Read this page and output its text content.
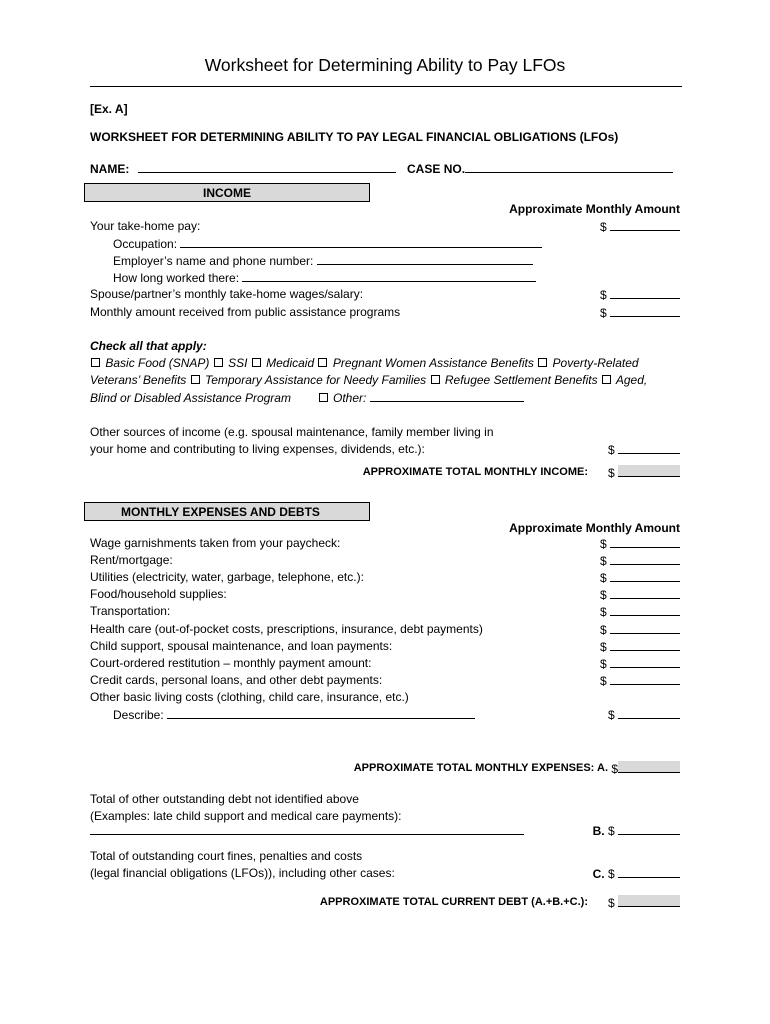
Worksheet for Determining Ability to Pay LFOs
[Ex. A]
WORKSHEET FOR DETERMINING ABILITY TO PAY LEGAL FINANCIAL OBLIGATIONS (LFOs)
NAME:	CASE NO.
INCOME
Approximate Monthly Amount
Your take-home pay:	$
Occupation:
Employer’s name and phone number:
How long worked there:
Spouse/partner’s monthly take-home wages/salary:	$
Monthly amount received from public assistance programs	$
Check all that apply:
Basic Food (SNAP) SSI Medicaid Pregnant Women Assistance Benefits Poverty-Related
Veterans’ Benefits Temporary Assistance for Needy Families Refugee Settlement Benefits Aged,
Blind or Disabled Assistance Program	Other:
Other sources of income (e.g. spousal maintenance, family member living in
your home and contributing to living expenses, dividends, etc.):	$
APPROXIMATE TOTAL MONTHLY INCOME: $
MONTHLY EXPENSES AND DEBTS
Approximate Monthly Amount
Wage garnishments taken from your paycheck:	$
Rent/mortgage:	$
Utilities (electricity, water, garbage, telephone, etc.):	$
Food/household supplies:	$
Transportation:	$
Health care (out-of-pocket costs, prescriptions, insurance, debt payments)	$
Child support, spousal maintenance, and loan payments:	$
Court-ordered restitution – monthly payment amount:	$
Credit cards, personal loans, and other debt payments:	$
Other basic living costs (clothing, child care, insurance, etc.)
Describe:	$
APPROXIMATE TOTAL MONTHLY EXPENSES: A. $
Total of other outstanding debt not identified above
(Examples: late child support and medical care payments):
B. $
Total of outstanding court fines, penalties and costs
(legal financial obligations (LFOs)), including other cases:	C. $
APPROXIMATE TOTAL CURRENT DEBT (A.+B.+C.): $
